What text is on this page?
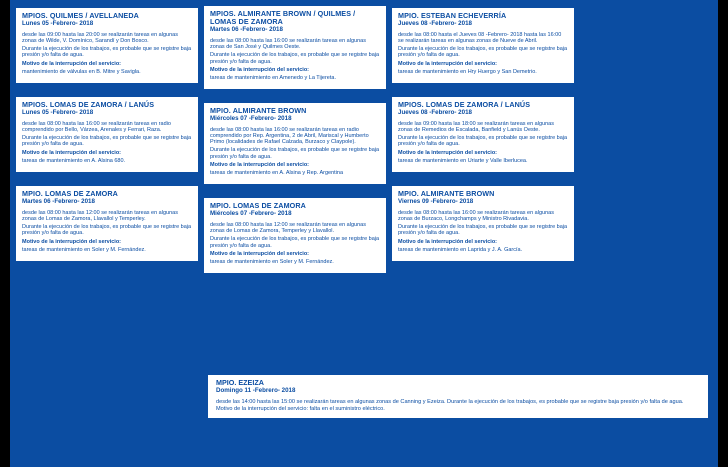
MPIOS. QUILMES / AVELLANEDA
Lunes 05 -Febrero- 2018

desde las 09:00 hasta las 20:00 se realizarán tareas en algunas zonas de Wilde, V. Domínico, Sarandí y Don Bosco.

Durante la ejecución de los trabajos, es probable que se registre baja presión y/o falta de agua.

Motivo de la interrupción del servicio:

mantenimiento de válvulas en B. Mitre y Savigla.

MPIOS. LOMAS DE ZAMORA / LANÚS
Lunes 05 -Febrero- 2018

desde las 08:00 hasta las 16:00 se realizarán tareas en radio comprendido por Bello, Várzea, Arenales y Ferrari, Raza.

Durante la ejecución de los trabajos, es probable que se registre baja presión y/o falta de agua.

Motivo de la interrupción del servicio:

tareas de mantenimiento en A. Alsina 680.

MPIO. LOMAS DE ZAMORA
Martes 06 -Febrero- 2018

desde las 08:00 hasta las 12:00 se realizarán tareas en algunas zonas de Lomas de Zamora, Llavallol y Temperley.

Durante la ejecución de los trabajos, es probable que se registre baja presión y/o falta de agua.

Motivo de la interrupción del servicio:

tareas de mantenimiento en Soler y M. Fernández.

MPIOS. ALMIRANTE BROWN / QUILMES / LOMAS DE ZAMORA
Martes 06 -Febrero- 2018

desde las 08:00 hasta las 16:00 se realizarán tareas en algunas zonas de San José y Quilmes Oeste.

Durante la ejecución de los trabajos, es probable que se registre baja presión y/o falta de agua.

Motivo de la interrupción del servicio:

tareas de mantenimiento en Amenedo y La Tijereta.

MPIO. ALMIRANTE BROWN
Miércoles 07 -Febrero- 2018

desde las 08:00 hasta las 16:00 se realizarán tareas en radio comprendido por Rep. Argentina, 2 de Abril, Mariscal y Humberto Primo (localidades de Rafael Calzada, Burzaco y Claypole).

Durante la ejecución de los trabajos, es probable que se registre baja presión y/o falta de agua.

Motivo de la interrupción del servicio:

tareas de mantenimiento en A. Alsina y Rep. Argentina

MPIO. LOMAS DE ZAMORA
Miércoles 07 -Febrero- 2018

desde las 08:00 hasta las 12:00 se realizarán tareas en algunas zonas de Lomas de Zamora, Temperley y Llavallol.

Durante la ejecución de los trabajos, es probable que se registre baja presión y/o falta de agua.

Motivo de la interrupción del servicio:

tareas de mantenimiento en Soler y M. Fernández.

MPIO. ESTEBAN ECHEVERRÍA
Jueves 08 -Febrero- 2018

desde las 08:00 hasta el Jueves 08 -Febrero- 2018 hasta las 16:00 se realizarán tareas en algunas zonas de Nueve de Abril.

Durante la ejecución de los trabajos, es probable que se registre baja presión y/o falta de agua.

Motivo de la interrupción del servicio:

tareas de mantenimiento en Hry Huergo y San Demetrio.

MPIOS. LOMAS DE ZAMORA / LANÚS
Jueves 08 -Febrero- 2018

desde las 09:00 hasta las 18:00 se realizarán tareas en algunas zonas de Remedios de Escalada, Banfield y Lanús Oeste.

Durante la ejecución de los trabajos, es probable que se registre baja presión y/o falta de agua.

Motivo de la interrupción del servicio:

tareas de mantenimiento en Uriarte y Valle Iberlucea.

MPIO. ALMIRANTE BROWN
Viernes 09 -Febrero- 2018

desde las 08:00 hasta las 16:00 se realizarán tareas en algunas zonas de Burzaco, Longchamps y Ministro Rivadavia.

Durante la ejecución de los trabajos, es probable que se registre baja presión y/o falta de agua.

Motivo de la interrupción del servicio:

tareas de mantenimiento en Laprida y J. A. García.

MPIO. EZEIZA
Domingo 11 -Febrero- 2018
desde las 14:00 hasta las 15:00 se realizarán tareas en algunas zonas de Canning y Ezeiza. Durante la ejecución de los trabajos, es probable que se registre baja presión y/o falta de agua. Motivo de la interrupción del servicio: falta en el suministro eléctrico.
